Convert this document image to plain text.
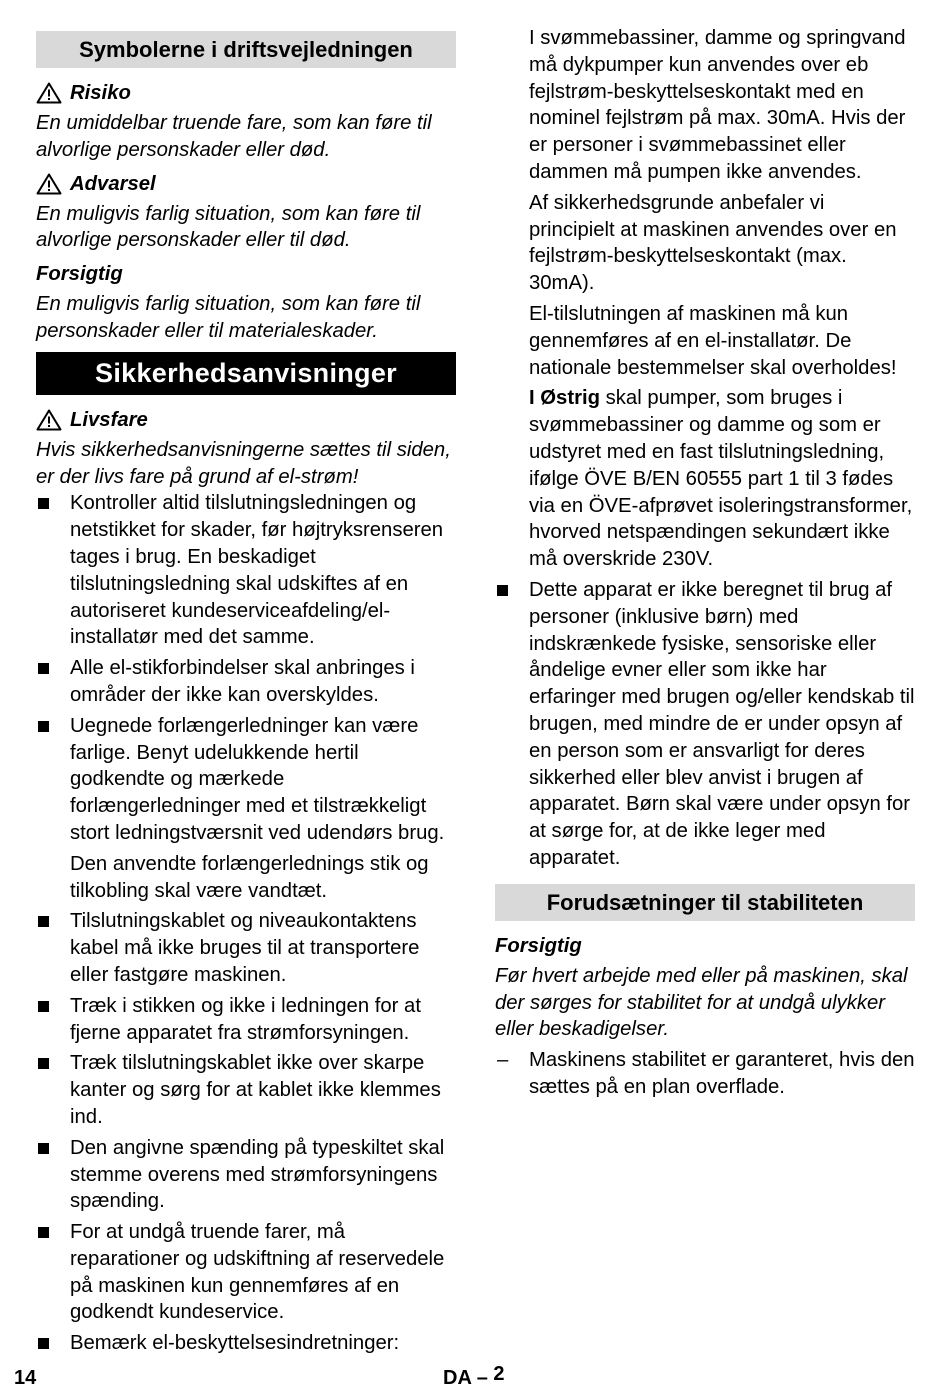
Symbolerne i driftsvejledningen
Risiko

En umiddelbar truende fare, som kan føre til alvorlige personskader eller død.

Advarsel

En muligvis farlig situation, som kan føre til alvorlige personskader eller til død.

Forsigtig

En muligvis farlig situation, som kan føre til personskader eller til materialeskader.

Sikkerhedsanvisninger
Livsfare

Hvis sikkerhedsanvisningerne sættes til siden, er der livs fare på grund af el-strøm!

Kontroller altid tilslutningsledningen og netstikket for skader, før højtryksrenseren tages i brug. En beskadiget tilslutningsledning skal udskiftes af en autoriseret kundeserviceafdeling/el-installatør med det samme.
Alle el-stikforbindelser skal anbringes i områder der ikke kan overskyldes.
Uegnede forlængerledninger kan være farlige. Benyt udelukkende hertil godkendte og mærkede forlængerledninger med et tilstrækkeligt stort ledningstværsnit ved udendørs brug.

Den anvendte forlængerlednings stik og tilkobling skal være vandtæt.

Tilslutningskablet og niveaukontaktens kabel må ikke bruges til at transportere eller fastgøre maskinen.
Træk i stikken og ikke i ledningen for at fjerne apparatet fra strømforsyningen.
Træk tilslutningskablet ikke over skarpe kanter og sørg for at kablet ikke klemmes ind.
Den angivne spænding på typeskiltet skal stemme overens med strømforsyningens spænding.
For at undgå truende farer, må reparationer og udskiftning af reservedele på maskinen kun gennemføres af en godkendt kundeservice.
Bemærk el-beskyttelsesindretninger:

I svømmebassiner, damme og springvand må dykpumper kun anvendes over eb fejlstrøm-beskyttelseskontakt med en nominel fejlstrøm på max. 30mA. Hvis der er personer i svømmebassinet eller dammen må pumpen ikke anvendes.

Af sikkerhedsgrunde anbefaler vi principielt at maskinen anvendes over en fejlstrøm-beskyttelseskontakt (max. 30mA).

El-tilslutningen af maskinen må kun gennemføres af en el-installatør. De nationale bestemmelser skal overholdes!

I Østrig skal pumper, som bruges i svømmebassiner og damme og som er udstyret med en fast tilslutningsledning, ifølge ÖVE B/EN 60555 part 1 til 3 fødes via en ÖVE-afprøvet isoleringstransformer, hvorved netspændingen sekundært ikke må overskride 230V.

Dette apparat er ikke beregnet til brug af personer (inklusive børn) med indskrænkede fysiske, sensoriske eller åndelige evner eller som ikke har erfaringer med brugen og/eller kendskab til brugen, med mindre de er under opsyn af en person som er ansvarligt for deres sikkerhed eller blev anvist i brugen af apparatet. Børn skal være under opsyn for at sørge for, at de ikke leger med apparatet.
Forudsætninger til stabiliteten
Forsigtig

Før hvert arbejde med eller på maskinen, skal der sørges for stabilitet for at undgå ulykker eller beskadigelser.

– Maskinens stabilitet er garanteret, hvis den sættes på en plan overflade.
14	DA – 2
